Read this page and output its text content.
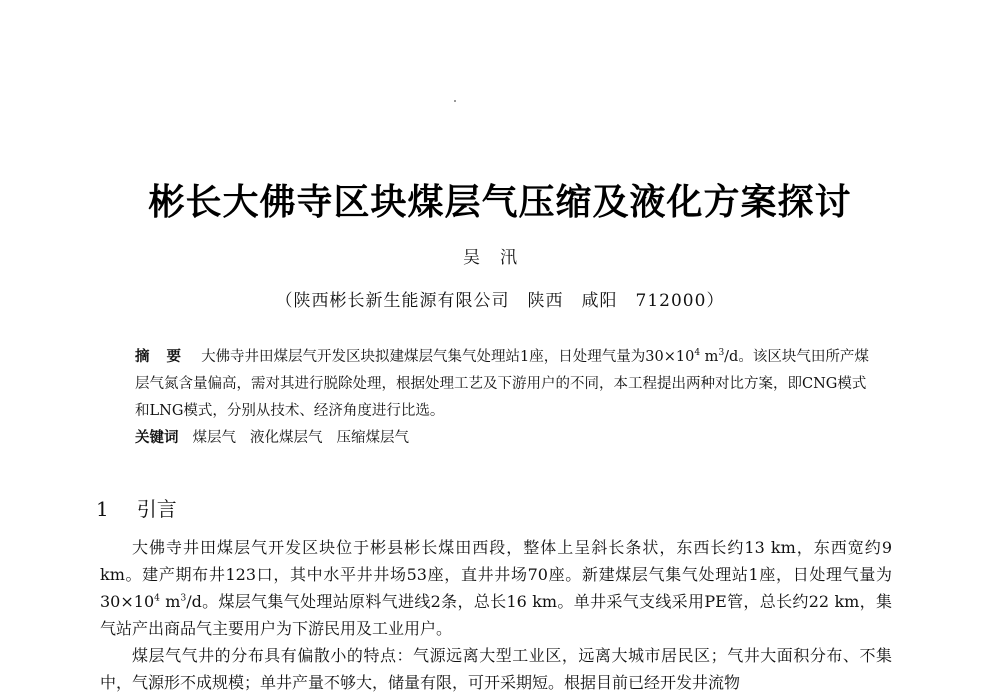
彬长大佛寺区块煤层气压缩及液化方案探讨
吴汛
（陕西彬长新生能源有限公司　陕西　咸阳　712000）

摘 要 大佛寺井田煤层气开发区块拟建煤层气集气处理站1座，日处理气量为$30\times 10^4$ $m^3/d$。该区块气田所产煤层气氮含量偏高，需对其进行脱除处理，根据处理工艺及下游用户的不同，本工程提出两种对比方案，即CNG模式和LNG模式，分别从技术、经济角度进行比选。

关键词 煤层气 液化煤层气 压缩煤层气

1 引言

大佛寺井田煤层气开发区块位于彬县彬长煤田西段，整体上呈斜长条状，东西长约13 km，东西宽约9 km。建产期布井123口，其中水平井井场53座，直井井场70座。新建煤层气集气处理站1座，日处理气量为$30\times 10^4$ $m^3/d$。煤层气集气处理站原料气进线2条，总长16 km。单井采气支线采用PE管，总长约22 km，集气站产出商品气主要用户为下游民用及工业用户。

煤层气气井的分布具有偏散小的特点：气源远离大型工业区，远离大城市居民区；气井大面积分布、不集中，气源形不成规模；单井产量不够大，储量有限，可开采期短。根据目前已经开发井流物
